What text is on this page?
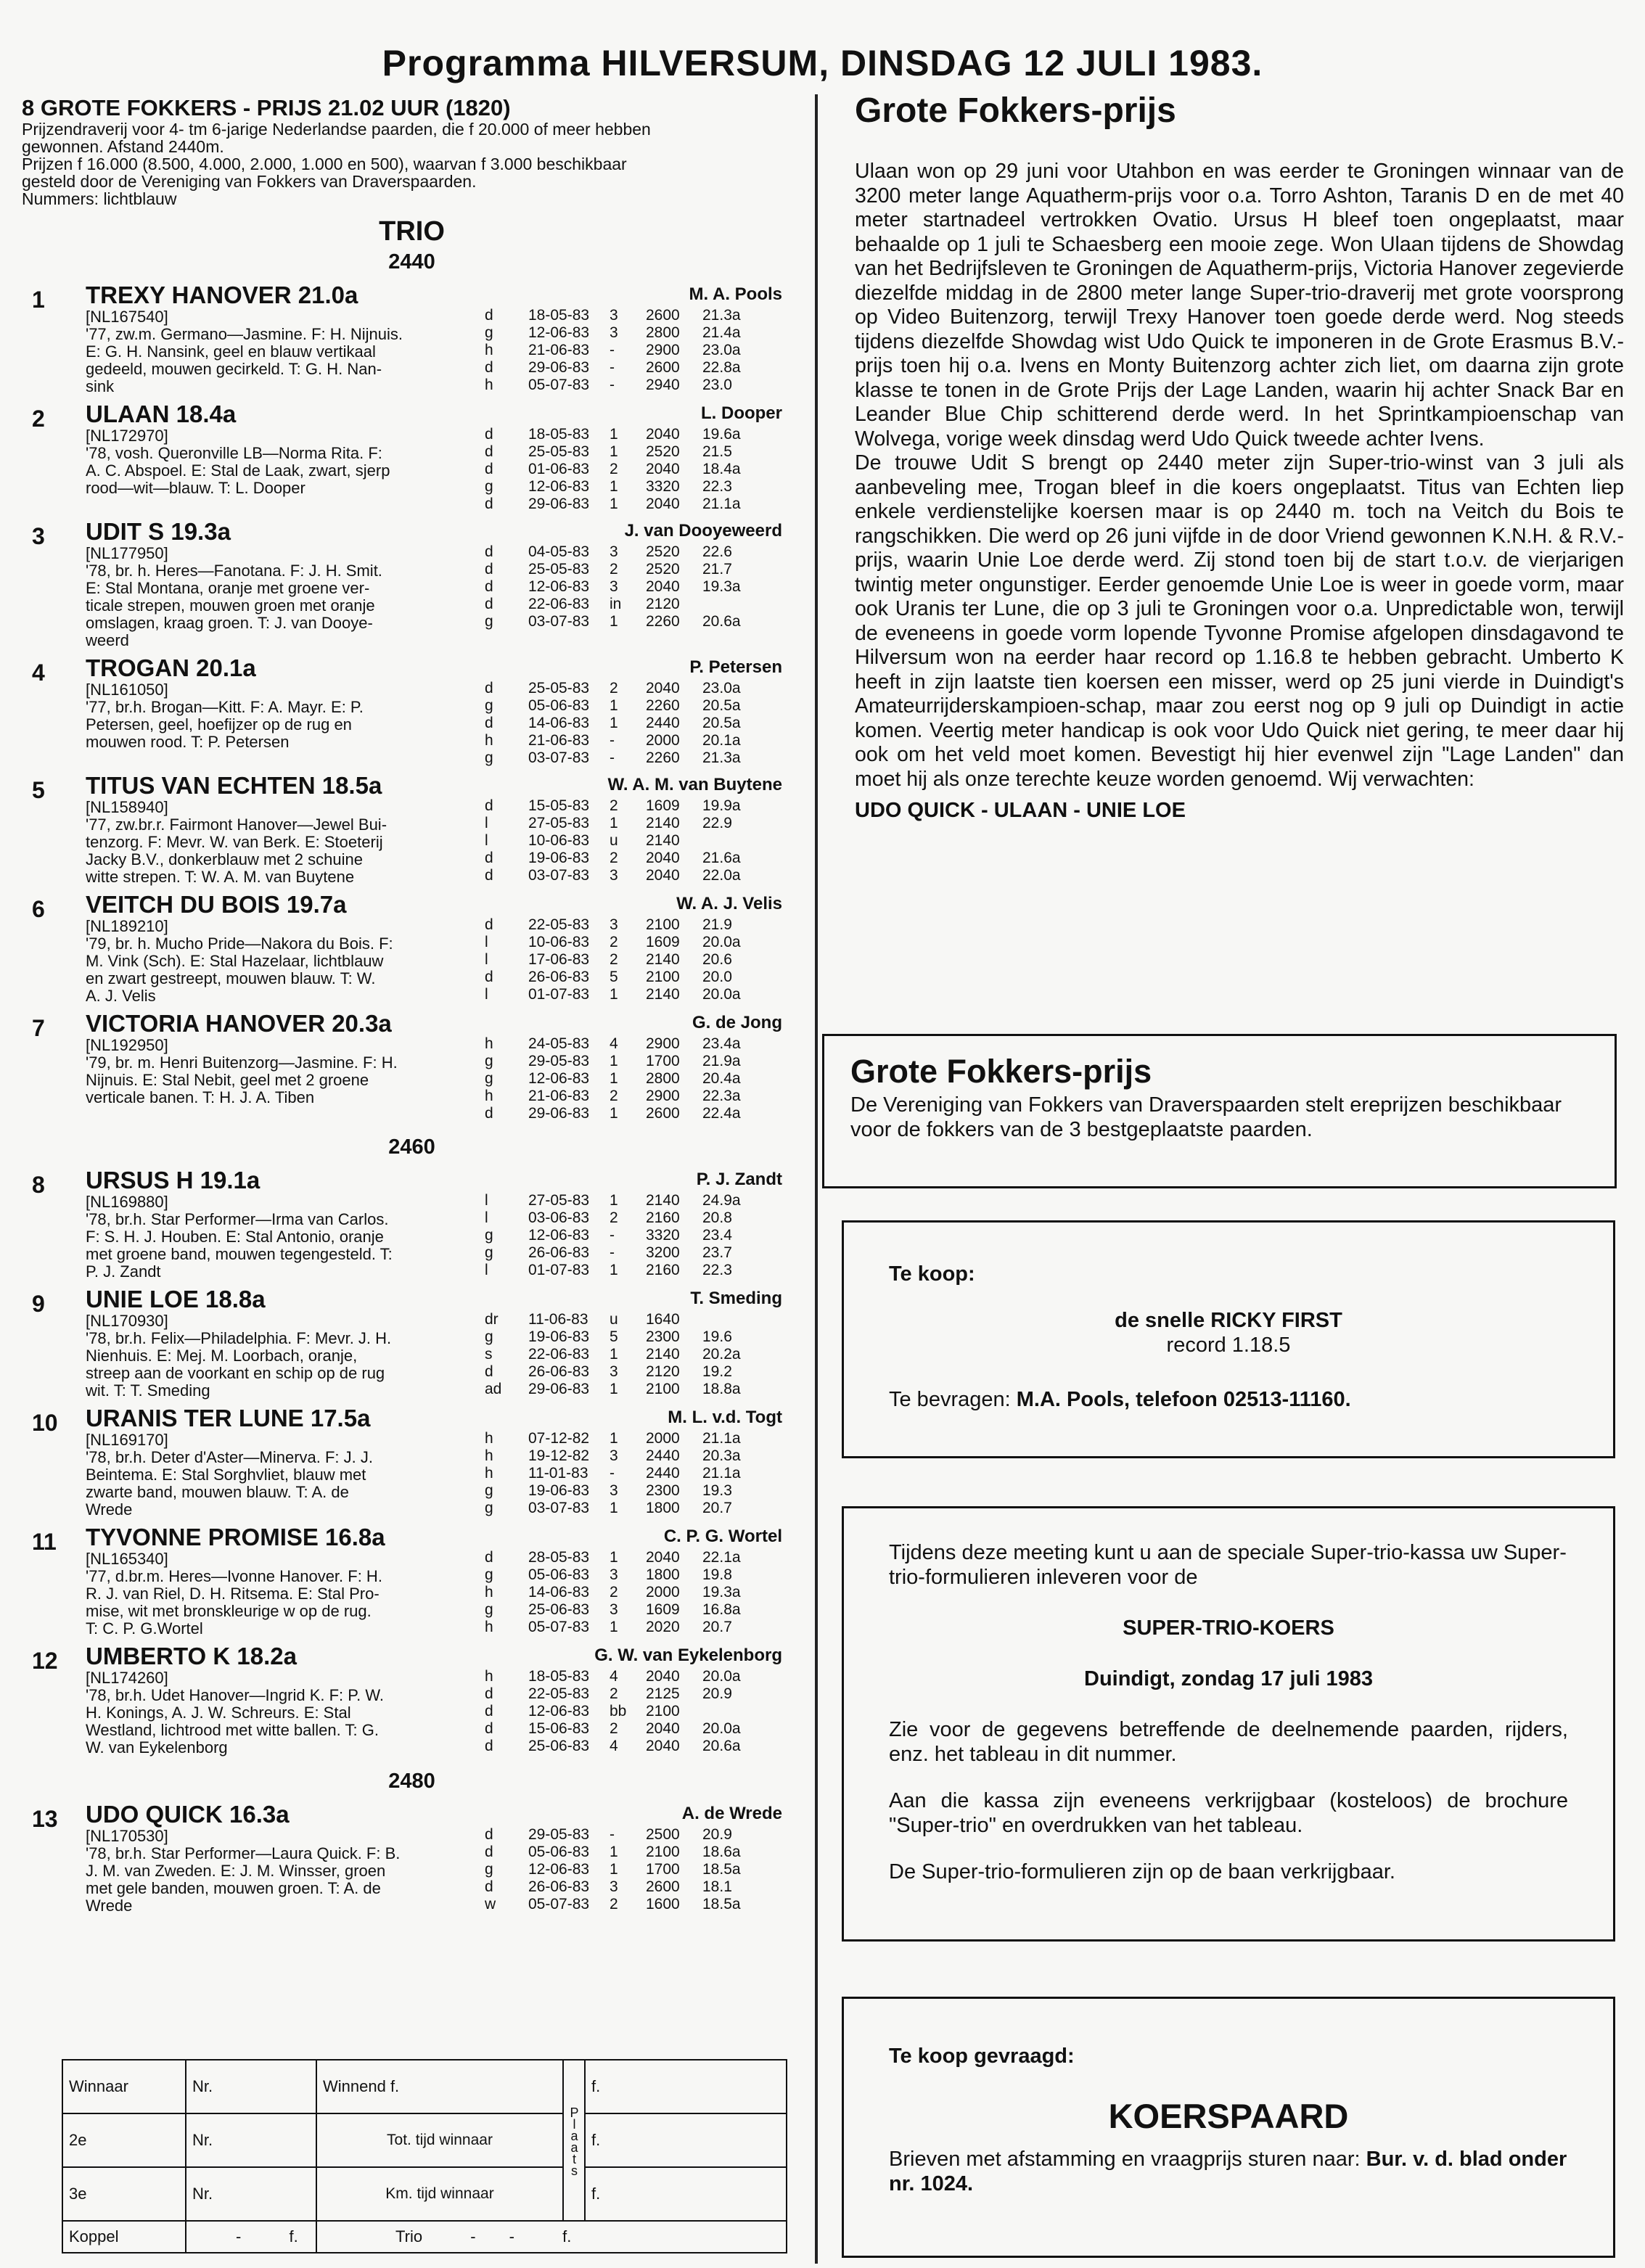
Programma HILVERSUM, DINSDAG 12 JULI 1983.
8 GROTE FOKKERS - PRIJS 21.02 UUR (1820)
Prijzendraverij voor 4- tm 6-jarige Nederlandse paarden, die f 20.000 of meer hebben
gewonnen. Afstand 2440m.
Prijzen f 16.000 (8.500, 4.000, 2.000, 1.000 en 500), waarvan f 3.000 beschikbaar
gesteld door de Vereniging van Fokkers van Draverspaarden.
Nummers: lichtblauw
TRIO
2440
1	TREXY HANOVER 21.0a
[NL167540]
'77, zw.m. Germano—Jasmine. F: H. Nijnuis.
E: G. H. Nansink, geel en blauw vertikaal
gedeeld, mouwen gecirkeld. T: G. H. Nan-
sink
M. A. Pools
d	18-05-83	3	2600	21.3a
g	12-06-83	3	2800	21.4a
h	21-06-83	-	2900	23.0a
d	29-06-83	-	2600	22.8a
h	05-07-83	-	2940	23.0
2	ULAAN 18.4a
[NL172970]
'78, vosh. Queronville LB—Norma Rita. F:
A. C. Abspoel. E: Stal de Laak, zwart, sjerp
rood—wit—blauw. T: L. Dooper
L. Dooper
d	18-05-83	1	2040	19.6a
d	25-05-83	1	2520	21.5
d	01-06-83	2	2040	18.4a
g	12-06-83	1	3320	22.3
d	29-06-83	1	2040	21.1a
3	UDIT S 19.3a
[NL177950]
'78, br. h. Heres—Fanotana. F: J. H. Smit.
E: Stal Montana, oranje met groene ver-
ticale strepen, mouwen groen met oranje
omslagen, kraag groen. T: J. van Dooye-
weerd
J. van Dooyeweerd
d	04-05-83	3	2520	22.6
d	25-05-83	2	2520	21.7
d	12-06-83	3	2040	19.3a
d	22-06-83	in	2120
g	03-07-83	1	2260	20.6a
4	TROGAN 20.1a
[NL161050]
'77, br.h. Brogan—Kitt. F: A. Mayr. E: P.
Petersen, geel, hoefijzer op de rug en
mouwen rood. T: P. Petersen
P. Petersen
d	25-05-83	2	2040	23.0a
g	05-06-83	1	2260	20.5a
d	14-06-83	1	2440	20.5a
h	21-06-83	-	2000	20.1a
g	03-07-83	-	2260	21.3a
5	TITUS VAN ECHTEN 18.5a
[NL158940]
'77, zw.br.r. Fairmont Hanover—Jewel Bui-
tenzorg. F: Mevr. W. van Berk. E: Stoeterij
Jacky B.V., donkerblauw met 2 schuine
witte strepen. T: W. A. M. van Buytene
W. A. M. van Buytene
d	15-05-83	2	1609	19.9a
l	27-05-83	1	2140	22.9
l	10-06-83	u	2140
d	19-06-83	2	2040	21.6a
d	03-07-83	3	2040	22.0a
6	VEITCH DU BOIS 19.7a
[NL189210]
'79, br. h. Mucho Pride—Nakora du Bois. F:
M. Vink (Sch). E: Stal Hazelaar, lichtblauw
en zwart gestreept, mouwen blauw. T: W.
A. J. Velis
W. A. J. Velis
d	22-05-83	3	2100	21.9
l	10-06-83	2	1609	20.0a
l	17-06-83	2	2140	20.6
d	26-06-83	5	2100	20.0
l	01-07-83	1	2140	20.0a
7	VICTORIA HANOVER 20.3a
[NL192950]
'79, br. m. Henri Buitenzorg—Jasmine. F: H.
Nijnuis. E: Stal Nebit, geel met 2 groene
verticale banen. T: H. J. A. Tiben
G. de Jong
h	24-05-83	4	2900	23.4a
g	29-05-83	1	1700	21.9a
g	12-06-83	1	2800	20.4a
h	21-06-83	2	2900	22.3a
d	29-06-83	1	2600	22.4a
2460
8	URSUS H 19.1a
[NL169880]
'78, br.h. Star Performer—Irma van Carlos.
F: S. H. J. Houben. E: Stal Antonio, oranje
met groene band, mouwen tegengesteld. T:
P. J. Zandt
P. J. Zandt
l	27-05-83	1	2140	24.9a
l	03-06-83	2	2160	20.8
g	12-06-83	-	3320	23.4
g	26-06-83	-	3200	23.7
l	01-07-83	1	2160	22.3
9	UNIE LOE 18.8a
[NL170930]
'78, br.h. Felix—Philadelphia. F: Mevr. J. H.
Nienhuis. E: Mej. M. Loorbach, oranje,
streep aan de voorkant en schip op de rug
wit. T: T. Smeding
T. Smeding
dr	11-06-83	u	1640
g	19-06-83	5	2300	19.6
s	22-06-83	1	2140	20.2a
d	26-06-83	3	2120	19.2
ad	29-06-83	1	2100	18.8a
10	URANIS TER LUNE 17.5a
[NL169170]
'78, br.h. Deter d'Aster—Minerva. F: J. J.
Beintema. E: Stal Sorghvliet, blauw met
zwarte band, mouwen blauw. T: A. de
Wrede
M. L. v.d. Togt
h	07-12-82	1	2000	21.1a
h	19-12-82	3	2440	20.3a
h	11-01-83	-	2440	21.1a
g	19-06-83	3	2300	19.3
g	03-07-83	1	1800	20.7
11	TYVONNE PROMISE 16.8a
[NL165340]
'77, d.br.m. Heres—Ivonne Hanover. F: H.
R. J. van Riel, D. H. Ritsema. E: Stal Pro-
mise, wit met bronskleurige w op de rug.
T: C. P. G.Wortel
C. P. G. Wortel
d	28-05-83	1	2040	22.1a
g	05-06-83	3	1800	19.8
h	14-06-83	2	2000	19.3a
g	25-06-83	3	1609	16.8a
h	05-07-83	1	2020	20.7
12	UMBERTO K 18.2a
[NL174260]
'78, br.h. Udet Hanover—Ingrid K. F: P. W.
H. Konings, A. J. W. Schreurs. E: Stal
Westland, lichtrood met witte ballen. T: G.
W. van Eykelenborg
G. W. van Eykelenborg
h	18-05-83	4	2040	20.0a
d	22-05-83	2	2125	20.9
d	12-06-83	bb	2100
d	15-06-83	2	2040	20.0a
d	25-06-83	4	2040	20.6a
2480
13	UDO QUICK 16.3a
[NL170530]
'78, br.h. Star Performer—Laura Quick. F: B.
J. M. van Zweden. E: J. M. Winsser, groen
met gele banden, mouwen groen. T: A. de
Wrede
A. de Wrede
d	29-05-83	-	2500	20.9
d	05-06-83	1	2100	18.6a
g	12-06-83	1	1700	18.5a
d	26-06-83	3	2600	18.1
w	05-07-83	2	1600	18.5a
Winnaar	Nr.	Winnend f.	Plaats	f.
2e	Nr.	Tot. tijd winnaar		f.
3e	Nr.	Km. tijd winnaar		f.
Koppel	- f.	Trio - - f.		
Grote Fokkers-prijs
Ulaan won op 29 juni voor Utahbon en was eerder te Groningen winnaar van de 3200 meter lange Aquatherm-prijs voor o.a. Torro Ashton, Taranis D en de met 40 meter startnadeel vertrokken Ovatio. Ursus H bleef toen ongeplaatst, maar behaalde op 1 juli te Schaesberg een mooie zege. Won Ulaan tijdens de Showdag van het Bedrijfsleven te Groningen de Aquatherm-prijs, Victoria Hanover zegevierde diezelfde middag in de 2800 meter lange Super-trio-draverij met grote voorsprong op Video Buitenzorg, terwijl Trexy Hanover toen goede derde werd. Nog steeds tijdens diezelfde Showdag wist Udo Quick te imponeren in de Grote Erasmus B.V.-prijs toen hij o.a. Ivens en Monty Buitenzorg achter zich liet, om daarna zijn grote klasse te tonen in de Grote Prijs der Lage Landen, waarin hij achter Snack Bar en Leander Blue Chip schitterend derde werd. In het Sprintkampioenschap van Wolvega, vorige week dinsdag werd Udo Quick tweede achter Ivens.
De trouwe Udit S brengt op 2440 meter zijn Super-trio-winst van 3 juli als aanbeveling mee, Trogan bleef in die koers ongeplaatst. Titus van Echten liep enkele verdienstelijke koersen maar is op 2440 m. toch na Veitch du Bois te rangschikken. Die werd op 26 juni vijfde in de door Vriend gewonnen K.N.H. & R.V.-prijs, waarin Unie Loe derde werd. Zij stond toen bij de start t.o.v. de vierjarigen twintig meter ongunstiger. Eerder genoemde Unie Loe is weer in goede vorm, maar ook Uranis ter Lune, die op 3 juli te Groningen voor o.a. Unpredictable won, terwijl de eveneens in goede vorm lopende Tyvonne Promise afgelopen dinsdagavond te Hilversum won na eerder haar record op 1.16.8 te hebben gebracht. Umberto K heeft in zijn laatste tien koersen een misser, werd op 25 juni vierde in Duindigt's Amateurrijderskampioen-schap, maar zou eerst nog op 9 juli op Duindigt in actie komen. Veertig meter handicap is ook voor Udo Quick niet gering, te meer daar hij ook om het veld moet komen. Bevestigt hij hier evenwel zijn "Lage Landen" dan moet hij als onze terechte keuze worden genoemd. Wij verwachten:
UDO QUICK - ULAAN - UNIE LOE
Grote Fokkers-prijs
De Vereniging van Fokkers van Draverspaarden stelt ereprijzen beschikbaar voor de fokkers van de 3 bestgeplaatste paarden.
Te koop:
de snelle RICKY FIRST
record 1.18.5
Te bevragen: M.A. Pools, telefoon 02513-11160.
Tijdens deze meeting kunt u aan de speciale Super-trio-kassa uw Super-trio-formulieren inleveren voor de
SUPER-TRIO-KOERS
Duindigt, zondag 17 juli 1983
Zie voor de gegevens betreffende de deelnemende paarden, rijders, enz. het tableau in dit nummer.
Aan die kassa zijn eveneens verkrijgbaar (kosteloos) de brochure "Super-trio" en overdrukken van het tableau.
De Super-trio-formulieren zijn op de baan verkrijgbaar.
Te koop gevraagd:
KOERSPAARD
Brieven met afstamming en vraagprijs sturen naar: Bur. v. d. blad onder nr. 1024.
